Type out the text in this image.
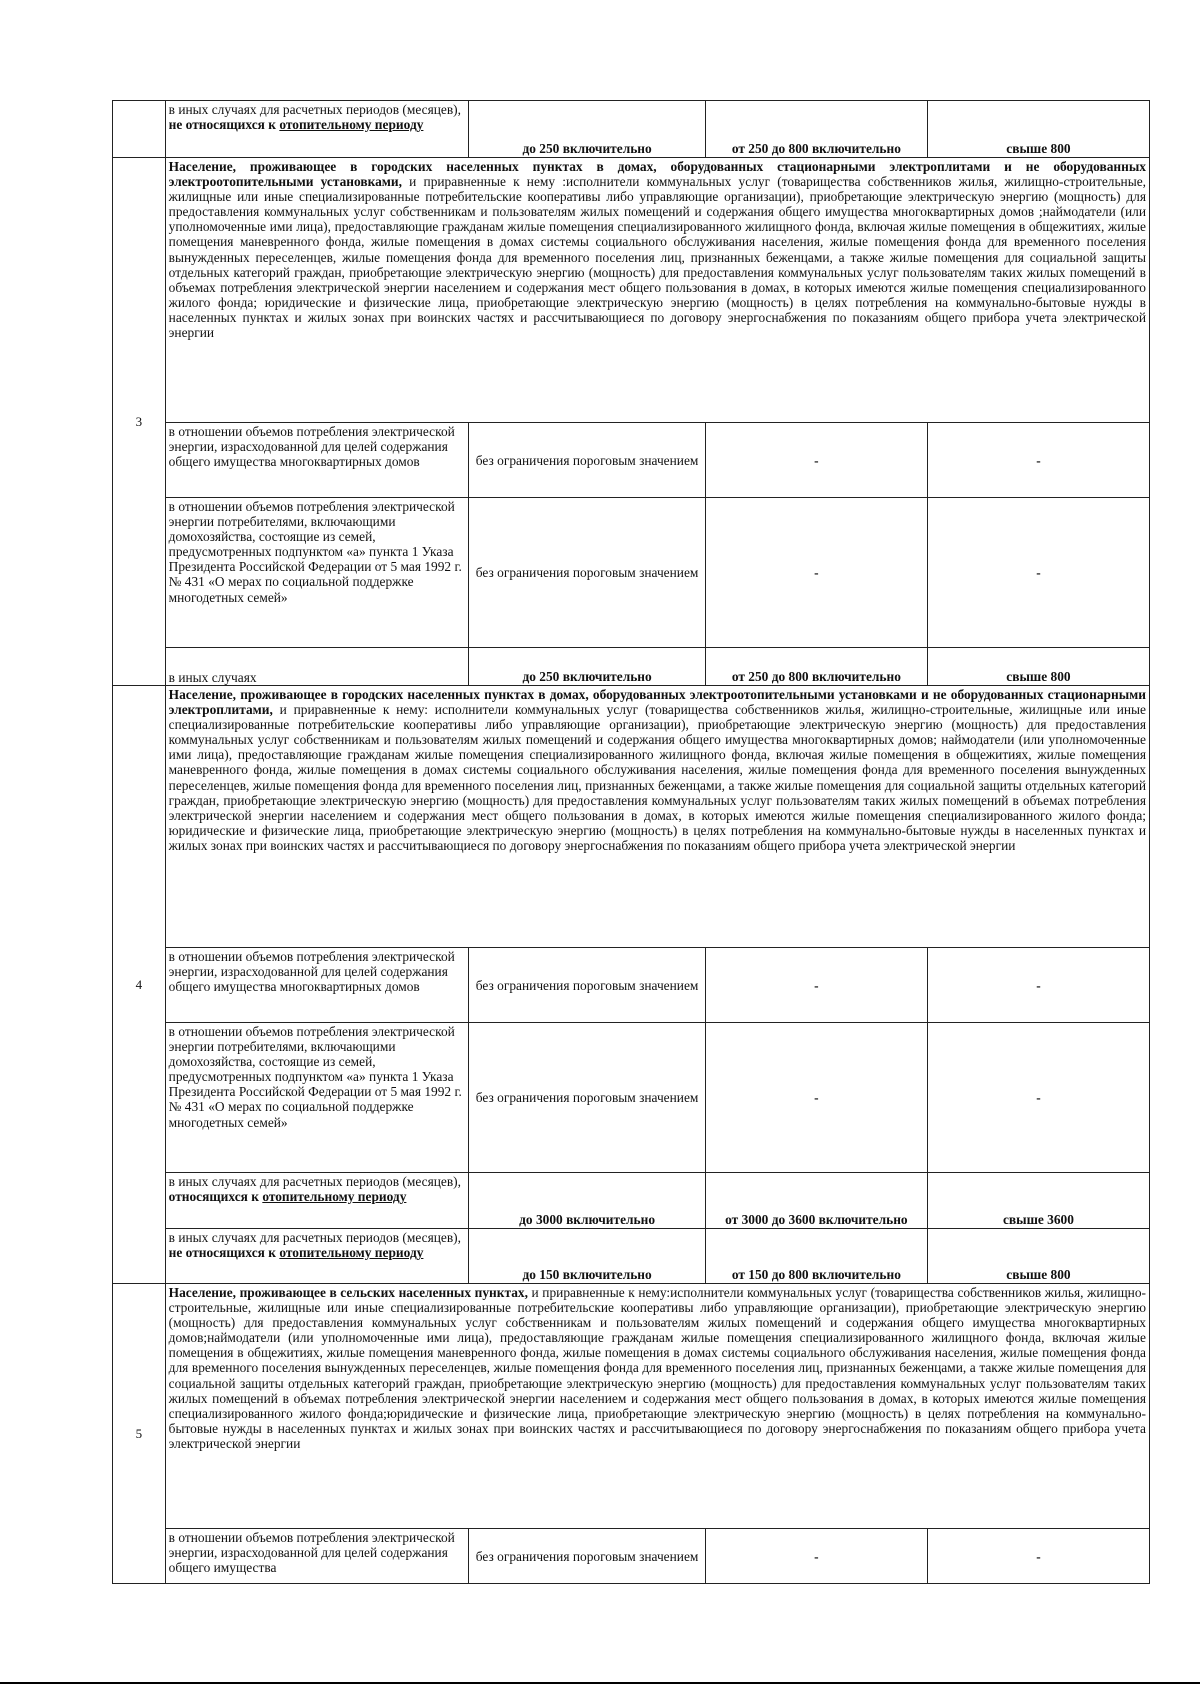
	в иных случаях для расчетных периодов (месяцев), не относящихся к отопительному периоду	до 250 включительно	от 250 до 800 включительно	свыше 800
3	Население, проживающее в городских населенных пунктах в домах, оборудованных стационарными электроплитами и не оборудованных электроотопительными установками, и приравненные к нему :исполнители коммунальных услуг (товарищества собственников жилья, жилищно-строительные, жилищные или иные специализированные потребительские кооперативы либо управляющие организации), приобретающие электрическую энергию (мощность) для предоставления коммунальных услуг собственникам и пользователям жилых помещений и содержания общего имущества многоквартирных домов ;наймодатели (или уполномоченные ими лица), предоставляющие гражданам жилые помещения специализированного жилищного фонда, включая жилые помещения в общежитиях, жилые помещения маневренного фонда, жилые помещения в домах системы социального обслуживания населения, жилые помещения фонда для временного поселения вынужденных переселенцев, жилые помещения фонда для временного поселения лиц, признанных беженцами, а также жилые помещения для социальной защиты отдельных категорий граждан, приобретающие электрическую энергию (мощность) для предоставления коммунальных услуг пользователям таких жилых помещений в объемах потребления электрической энергии населением и содержания мест общего пользования в домах, в которых имеются жилые помещения специализированного жилого фонда; юридические и физические лица, приобретающие электрическую энергию (мощность) в целях потребления на коммунально-бытовые нужды в населенных пунктах и жилых зонах при воинских частях и рассчитывающиеся по договору энергоснабжения по показаниям общего прибора учета электрической энергии			
	в отношении объемов потребления электрической энергии, израсходованной для целей содержания общего имущества многоквартирных домов	без ограничения пороговым значением	-	-
	в отношении объемов потребления электрической энергии потребителями, включающими домохозяйства, состоящие из семей, предусмотренных подпунктом «а» пункта 1 Указа Президента Российской Федерации от 5 мая 1992 г. № 431 «О мерах по социальной поддержке многодетных семей»	без ограничения пороговым значением	-	-
	в иных случаях	до 250 включительно	от 250 до 800 включительно	свыше 800
4	Население, проживающее в городских населенных пунктах в домах, оборудованных электроотопительными установками и не оборудованных стационарными электроплитами, и приравненные к нему: исполнители коммунальных услуг (товарищества собственников жилья, жилищно-строительные, жилищные или иные специализированные потребительские кооперативы либо управляющие организации), приобретающие электрическую энергию (мощность) для предоставления коммунальных услуг собственникам и пользователям жилых помещений и содержания общего имущества многоквартирных домов; наймодатели (или уполномоченные ими лица), предоставляющие гражданам жилые помещения специализированного жилищного фонда, включая жилые помещения в общежитиях, жилые помещения маневренного фонда, жилые помещения в домах системы социального обслуживания населения, жилые помещения фонда для временного поселения вынужденных переселенцев, жилые помещения фонда для временного поселения лиц, признанных беженцами, а также жилые помещения для социальной защиты отдельных категорий граждан, приобретающие электрическую энергию (мощность) для предоставления коммунальных услуг пользователям таких жилых помещений в объемах потребления электрической энергии населением и содержания мест общего пользования в домах, в которых имеются жилые помещения специализированного жилого фонда; юридические и физические лица, приобретающие электрическую энергию (мощность) в целях потребления на коммунально-бытовые нужды в населенных пунктах и жилых зонах при воинских частях и рассчитывающиеся по договору энергоснабжения по показаниям общего прибора учета электрической энергии			
	в отношении объемов потребления электрической энергии, израсходованной для целей содержания общего имущества многоквартирных домов	без ограничения пороговым значением	-	-
	в отношении объемов потребления электрической энергии потребителями, включающими домохозяйства, состоящие из семей, предусмотренных подпунктом «а» пункта 1 Указа Президента Российской Федерации от 5 мая 1992 г. № 431 «О мерах по социальной поддержке многодетных семей»	без ограничения пороговым значением	-	-
	в иных случаях для расчетных периодов (месяцев), относящихся к отопительному периоду	до 3000 включительно	от 3000 до 3600 включительно	свыше 3600
	в иных случаях для расчетных периодов (месяцев), не относящихся к отопительному периоду	до 150 включительно	от 150 до 800 включительно	свыше 800
5	Население, проживающее в сельских населенных пунктах, и приравненные к нему:исполнители коммунальных услуг (товарищества собственников жилья, жилищно-строительные, жилищные или иные специализированные потребительские кооперативы либо управляющие организации), приобретающие электрическую энергию (мощность) для предоставления коммунальных услуг собственникам и пользователям жилых помещений и содержания общего имущества многоквартирных домов;наймодатели (или уполномоченные ими лица), предоставляющие гражданам жилые помещения специализированного жилищного фонда, включая жилые помещения в общежитиях, жилые помещения маневренного фонда, жилые помещения в домах системы социального обслуживания населения, жилые помещения фонда для временного поселения вынужденных переселенцев, жилые помещения фонда для временного поселения лиц, признанных беженцами, а также жилые помещения для социальной защиты отдельных категорий граждан, приобретающие электрическую энергию (мощность) для предоставления коммунальных услуг пользователям таких жилых помещений в объемах потребления электрической энергии населением и содержания мест общего пользования в домах, в которых имеются жилые помещения специализированного жилого фонда;юридические и физические лица, приобретающие электрическую энергию (мощность) в целях потребления на коммунально-бытовые нужды в населенных пунктах и жилых зонах при воинских частях и рассчитывающиеся по договору энергоснабжения по показаниям общего прибора учета электрической энергии			
	в отношении объемов потребления электрической энергии, израсходованной для целей содержания общего имущества	без ограничения пороговым значением	-	-
